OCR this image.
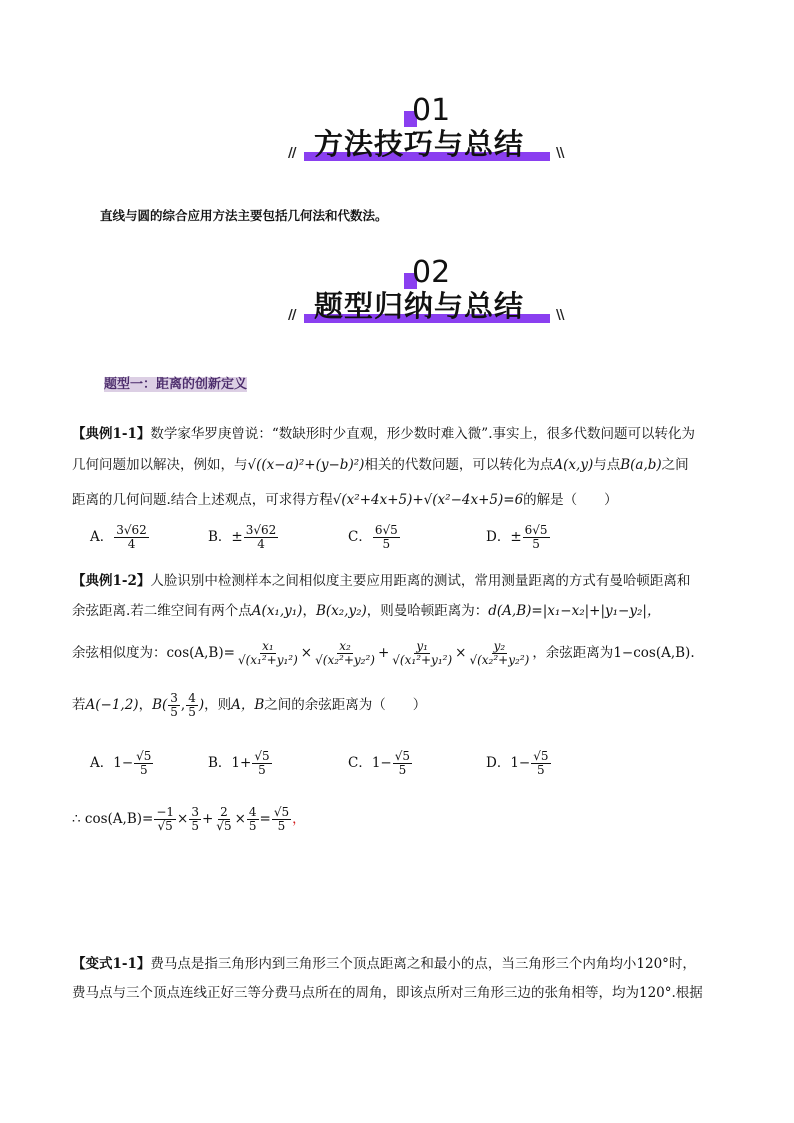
01
// 方法技巧与总结 \\
直线与圆的综合应用方法主要包括几何法和代数法。
02
// 题型归纳与总结 \\
题型一：距离的创新定义
【典例1-1】数学家华罗庚曾说：“数缺形时少直观，形少数时难入微”.事实上，很多代数问题可以转化为
几何问题加以解决，例如，与√((x−a)²+(y−b)²)相关的代数问题，可以转化为点A(x,y)与点B(a,b)之间
距离的几何问题.结合上述观点，可求得方程√(x²+4x+5)+√(x²−4x+5)=6的解是（　　）
A． $\frac{3√62}{4}$	B．± $\frac{3√62}{4}$	C． $\frac{6√5}{5}$	D．± $\frac{6√5}{5}$
【典例1-2】人脸识别中检测样本之间相似度主要应用距离的测试，常用测量距离的方式有曼哈顿距离和
余弦距离.若二维空间有两个点A(x₁,y₁)，B(x₂,y₂)，则曼哈顿距离为：d(A,B)=|x₁−x₂|+|y₁−y₂|，
余弦相似度为：$\cos(A,B)= \frac{\text{x₁}}{\text{√(x₁²+y₁²)}} \times \frac{\text{x₂}}{\text{√(x₂²+y₂²)}} + \frac{\text{y₁}}{\text{√(x₁²+y₁²)}} \times \frac{\text{y₂}}{\text{√(x₂²+y₂²)}}$ ，余弦距离为1−cos(A,B).
若A(−1,2)，$B( \frac{3}{5}$ , $\frac{4}{5}$ )，则A，B之间的余弦距离为（　　）
A．$1- \frac{√5}{5}$	B．$1+ \frac{√5}{5}$	C．$1- \frac{√5}{5}$	D．$1- \frac{√5}{5}$
∴ $\cos(A,B)= \frac{-1}{√5} \times \frac{3}{5} + \frac{2}{√5} \times \frac{4}{5} = \frac{√5}{5}$ ，
【变式1-1】费马点是指三角形内到三角形三个顶点距离之和最小的点，当三角形三个内角均小120°时，
费马点与三个顶点连线正好三等分费马点所在的周角，即该点所对三角形三边的张角相等，均为120°.根据
